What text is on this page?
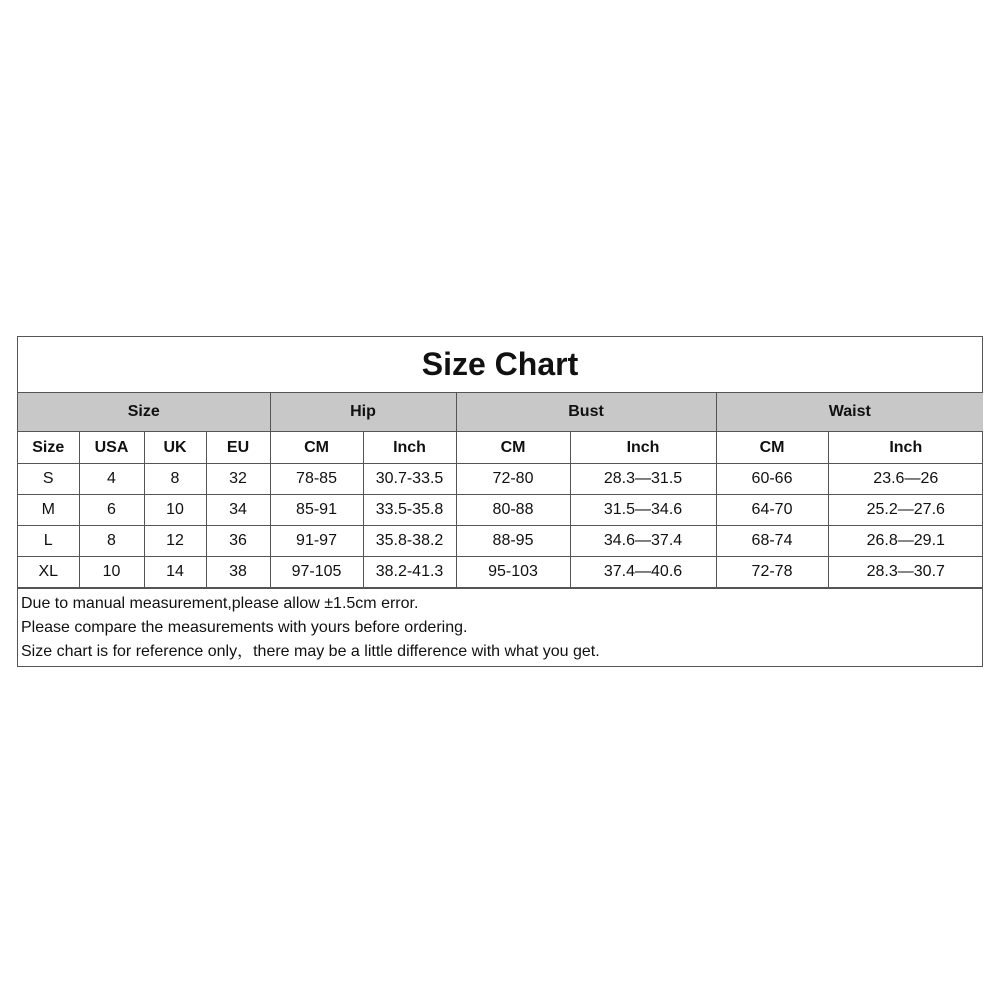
Size Chart
Size				Hip		Bust		Waist	
Size	USA	UK	EU	CM	Inch	CM	Inch	CM	Inch
S	4	8	32	78-85	30.7-33.5	72-80	28.3—31.5	60-66	23.6—26
M	6	10	34	85-91	33.5-35.8	80-88	31.5—34.6	64-70	25.2—27.6
L	8	12	36	91-97	35.8-38.2	88-95	34.6—37.4	68-74	26.8—29.1
XL	10	14	38	97-105	38.2-41.3	95-103	37.4—40.6	72-78	28.3—30.7
Due to manual measurement,please allow ±1.5cm error.
Please compare the measurements with yours before ordering.
Size chart is for reference only，there may be a little difference with what you get.
